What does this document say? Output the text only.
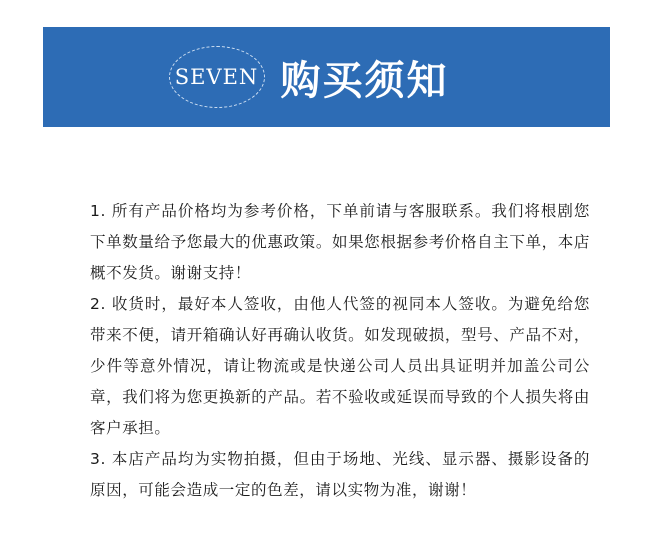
SEVEN 购买须知

1. 所有产品价格均为参考价格，下单前请与客服联系。我们将根剧您下单数量给予您最大的优惠政策。如果您根据参考价格自主下单，本店概不发货。谢谢支持！

2. 收货时，最好本人签收，由他人代签的视同本人签收。为避免给您带来不便，请开箱确认好再确认收货。如发现破损，型号、产品不对，少件等意外情况，请让物流或是快递公司人员出具证明并加盖公司公章，我们将为您更换新的产品。若不验收或延误而导致的个人损失将由客户承担。

3. 本店产品均为实物拍摄，但由于场地、光线、显示器、摄影设备的原因，可能会造成一定的色差，请以实物为准，谢谢！
